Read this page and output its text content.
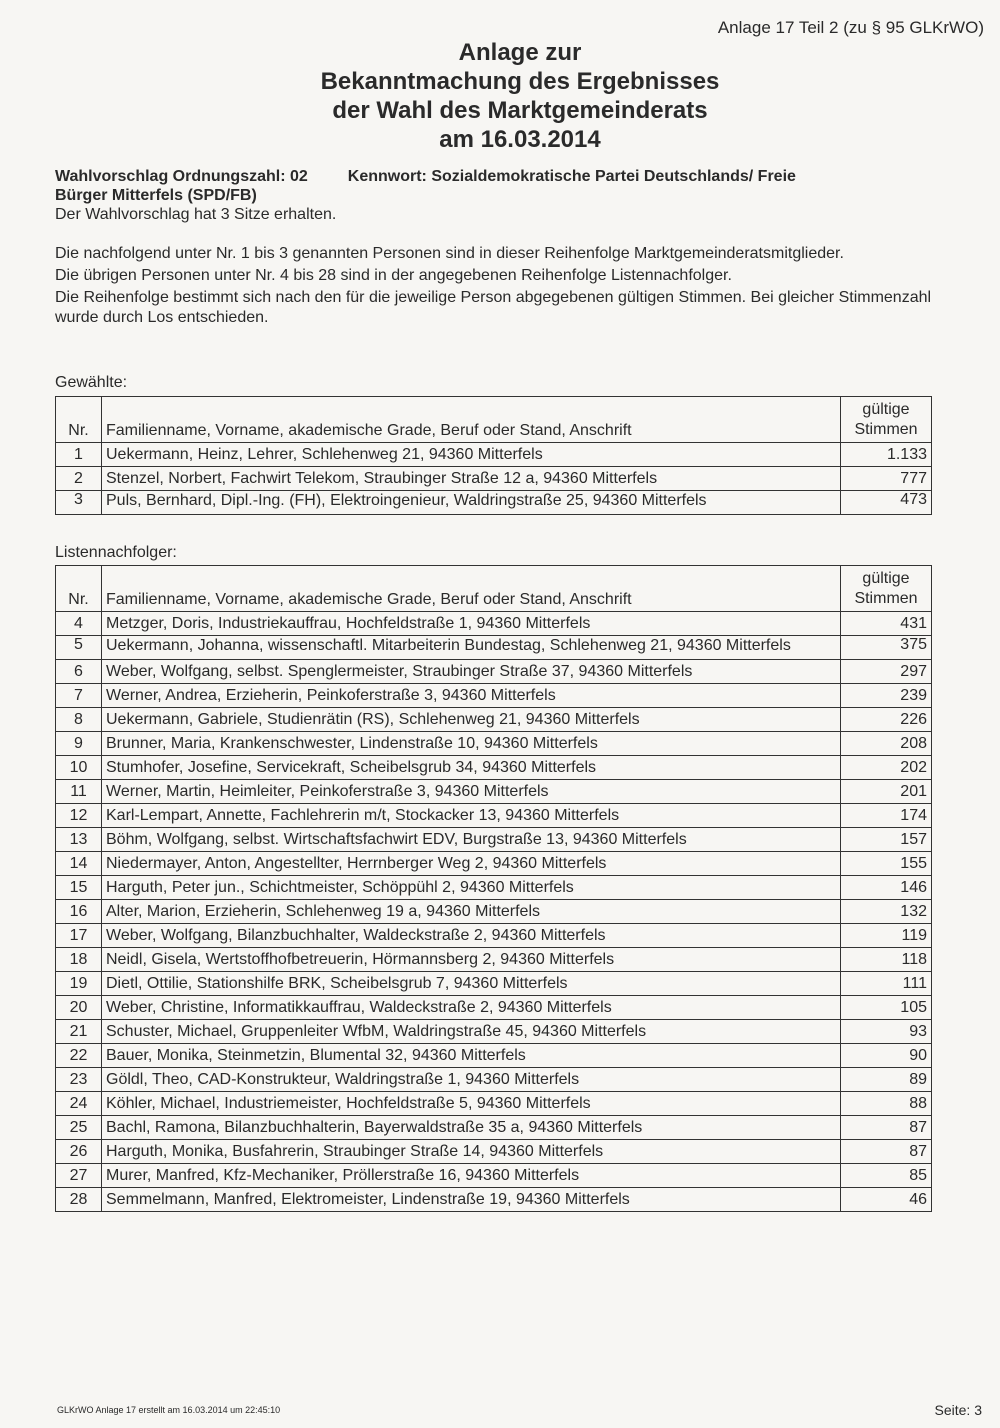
Anlage 17 Teil 2 (zu § 95 GLKrWO)
Anlage zur
Bekanntmachung des Ergebnisses
der Wahl des Marktgemeinderats
am 16.03.2014
Wahlvorschlag Ordnungszahl: 02	Kennwort: Sozialdemokratische Partei Deutschlands/ Freie
Bürger Mitterfels (SPD/FB)
Der Wahlvorschlag hat 3 Sitze erhalten.

Die nachfolgend unter Nr. 1 bis 3 genannten Personen sind in dieser Reihenfolge Marktgemeinderatsmitglieder.

Die übrigen Personen unter Nr. 4 bis 28 sind in der angegebenen Reihenfolge Listennachfolger.

Die Reihenfolge bestimmt sich nach den für die jeweilige Person abgegebenen gültigen Stimmen. Bei gleicher Stimmenzahl wurde durch Los entschieden.

Gewählte:
Nr.	Familienname, Vorname, akademische Grade, Beruf oder Stand, Anschrift	gültige
Stimmen

1	Uekermann, Heinz, Lehrer, Schlehenweg 21, 94360 Mitterfels	1.133
2	Stenzel, Norbert, Fachwirt Telekom, Straubinger Straße 12 a, 94360 Mitterfels	777
3	Puls, Bernhard, Dipl.-Ing. (FH), Elektroingenieur, Waldringstraße 25, 94360 Mitterfels	473
Listennachfolger:
Nr.	Familienname, Vorname, akademische Grade, Beruf oder Stand, Anschrift	gültige
Stimmen

4	Metzger, Doris, Industriekauffrau, Hochfeldstraße 1, 94360 Mitterfels	431
5	Uekermann, Johanna, wissenschaftl. Mitarbeiterin Bundestag, Schlehenweg 21, 94360 Mitterfels	375
6	Weber, Wolfgang, selbst. Spenglermeister, Straubinger Straße 37, 94360 Mitterfels	297
7	Werner, Andrea, Erzieherin, Peinkoferstraße 3, 94360 Mitterfels	239
8	Uekermann, Gabriele, Studienrätin (RS), Schlehenweg 21, 94360 Mitterfels	226
9	Brunner, Maria, Krankenschwester, Lindenstraße 10, 94360 Mitterfels	208
10	Stumhofer, Josefine, Servicekraft, Scheibelsgrub 34, 94360 Mitterfels	202
11	Werner, Martin, Heimleiter, Peinkoferstraße 3, 94360 Mitterfels	201
12	Karl-Lempart, Annette, Fachlehrerin m/t, Stockacker 13, 94360 Mitterfels	174
13	Böhm, Wolfgang, selbst. Wirtschaftsfachwirt EDV, Burgstraße 13, 94360 Mitterfels	157
14	Niedermayer, Anton, Angestellter, Herrnberger Weg 2, 94360 Mitterfels	155
15	Harguth, Peter jun., Schichtmeister, Schöppühl 2, 94360 Mitterfels	146
16	Alter, Marion, Erzieherin, Schlehenweg 19 a, 94360 Mitterfels	132
17	Weber, Wolfgang, Bilanzbuchhalter, Waldeckstraße 2, 94360 Mitterfels	119
18	Neidl, Gisela, Wertstoffhofbetreuerin, Hörmannsberg 2, 94360 Mitterfels	118
19	Dietl, Ottilie, Stationshilfe BRK, Scheibelsgrub 7, 94360 Mitterfels	111
20	Weber, Christine, Informatikkauffrau, Waldeckstraße 2, 94360 Mitterfels	105
21	Schuster, Michael, Gruppenleiter WfbM, Waldringstraße 45, 94360 Mitterfels	93
22	Bauer, Monika, Steinmetzin, Blumental 32, 94360 Mitterfels	90
23	Göldl, Theo, CAD-Konstrukteur, Waldringstraße 1, 94360 Mitterfels	89
24	Köhler, Michael, Industriemeister, Hochfeldstraße 5, 94360 Mitterfels	88
25	Bachl, Ramona, Bilanzbuchhalterin, Bayerwaldstraße 35 a, 94360 Mitterfels	87
26	Harguth, Monika, Busfahrerin, Straubinger Straße 14, 94360 Mitterfels	87
27	Murer, Manfred, Kfz-Mechaniker, Pröllerstraße 16, 94360 Mitterfels	85
28	Semmelmann, Manfred, Elektromeister, Lindenstraße 19, 94360 Mitterfels	46
GLKrWO Anlage 17 erstellt am 16.03.2014 um 22:45:10	Seite: 3
